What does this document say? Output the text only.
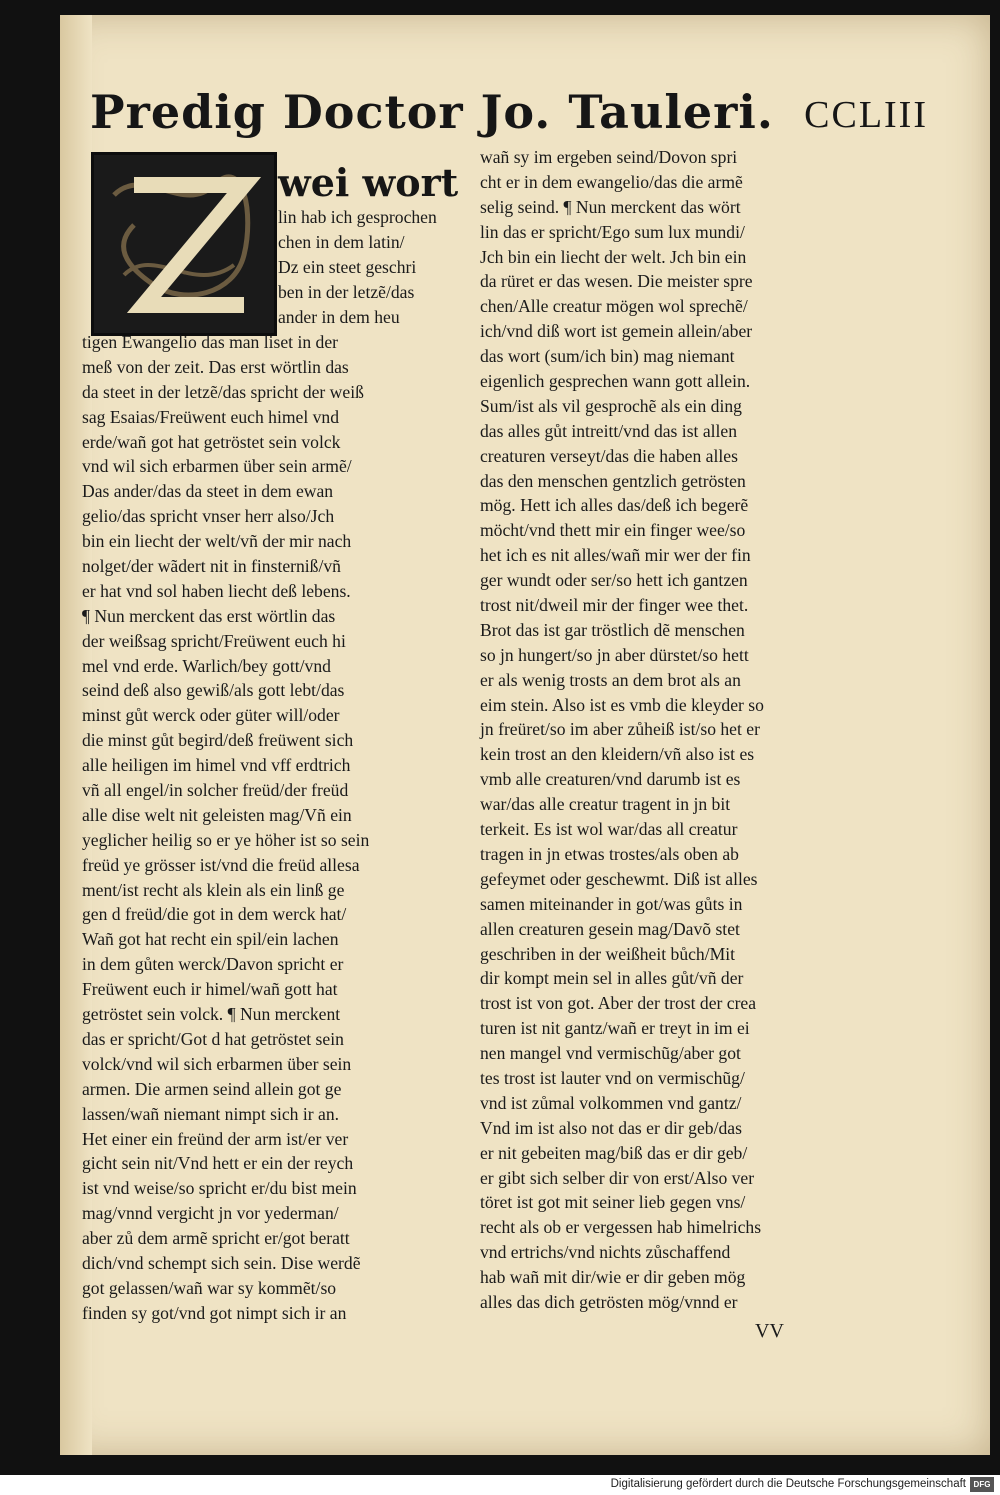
Predig Doctor Jo. Tauleri. CCLIII
Z
wei wort
lin hab ich gesprochen
chen in dem latin/
Dz ein steet geschri
ben in der letzẽ/das
ander in dem heu
tigen Ewangelio das man liset in der
meß von der zeit. Das erst wörtlin das
da steet in der letzẽ/das spricht der weiß
sag Esaias/Freüwent euch himel vnd
erde/wañ got hat getröstet sein volck
vnd wil sich erbarmen über sein armẽ/
Das ander/das da steet in dem ewan
gelio/das spricht vnser herr also/Jch
bin ein liecht der welt/vñ der mir nach
nolget/der wãdert nit in finsterniß/vñ
er hat vnd sol haben liecht deß lebens.
¶ Nun merckent das erst wörtlin das
der weißsag spricht/Freüwent euch hi
mel vnd erde. Warlich/bey gott/vnd
seind deß also gewiß/als gott lebt/das
minst gůt werck oder güter will/oder
die minst gůt begird/deß freüwent sich
alle heiligen im himel vnd vff erdtrich
vñ all engel/in solcher freüd/der freüd
alle dise welt nit geleisten mag/Vñ ein
yeglicher heilig so er ye höher ist so sein
freüd ye grösser ist/vnd die freüd allesa
ment/ist recht als klein als ein linß ge
gen d freüd/die got in dem werck hat/
Wañ got hat recht ein spil/ein lachen
in dem gůten werck/Davon spricht er
Freüwent euch ir himel/wañ gott hat
getröstet sein volck. ¶ Nun merckent
das er spricht/Got d hat getröstet sein
volck/vnd wil sich erbarmen über sein
armen. Die armen seind allein got ge
lassen/wañ niemant nimpt sich ir an.
Het einer ein freünd der arm ist/er ver
gicht sein nit/Vnd hett er ein der reych
ist vnd weise/so spricht er/du bist mein
mag/vnnd vergicht jn vor yederman/
aber zů dem armẽ spricht er/got beratt
dich/vnd schempt sich sein. Dise werdẽ
got gelassen/wañ war sy kommẽt/so
finden sy got/vnd got nimpt sich ir an
wañ sy im ergeben seind/Dovon spri
cht er in dem ewangelio/das die armẽ
selig seind. ¶ Nun merckent das wört
lin das er spricht/Ego sum lux mundi/
Jch bin ein liecht der welt. Jch bin ein
da rüret er das wesen. Die meister spre
chen/Alle creatur mögen wol sprechẽ/
ich/vnd diß wort ist gemein allein/aber
das wort (sum/ich bin) mag niemant
eigenlich gesprechen wann gott allein.
Sum/ist als vil gesprochẽ als ein ding
das alles gůt intreitt/vnd das ist allen
creaturen verseyt/das die haben alles
das den menschen gentzlich getrösten
mög. Hett ich alles das/deß ich begerẽ
möcht/vnd thett mir ein finger wee/so
het ich es nit alles/wañ mir wer der fin
ger wundt oder ser/so hett ich gantzen
trost nit/dweil mir der finger wee thet.
Brot das ist gar tröstlich dẽ menschen
so jn hungert/so jn aber dürstet/so hett
er als wenig trosts an dem brot als an
eim stein. Also ist es vmb die kleyder so
jn freüret/so im aber zůheiß ist/so het er
kein trost an den kleidern/vñ also ist es
vmb alle creaturen/vnd darumb ist es
war/das alle creatur tragent in jn bit
terkeit. Es ist wol war/das all creatur
tragen in jn etwas trostes/als oben ab
gefeymet oder geschewmt. Diß ist alles
samen miteinander in got/was gůts in
allen creaturen gesein mag/Davõ stet
geschriben in der weißheit bůch/Mit
dir kompt mein sel in alles gůt/vñ der
trost ist von got. Aber der trost der crea
turen ist nit gantz/wañ er treyt in im ei
nen mangel vnd vermischũg/aber got
tes trost ist lauter vnd on vermischũg/
vnd ist zůmal volkommen vnd gantz/
Vnd im ist also not das er dir geb/das
er nit gebeiten mag/biß das er dir geb/
er gibt sich selber dir von erst/Also ver
töret ist got mit seiner lieb gegen vns/
recht als ob er vergessen hab himelrichs
vnd ertrichs/vnd nichts zůschaffend
hab wañ mit dir/wie er dir geben mög
alles das dich getrösten mög/vnnd er
VV
Digitalisierung gefördert durch die Deutsche Forschungsgemeinschaft DFG
